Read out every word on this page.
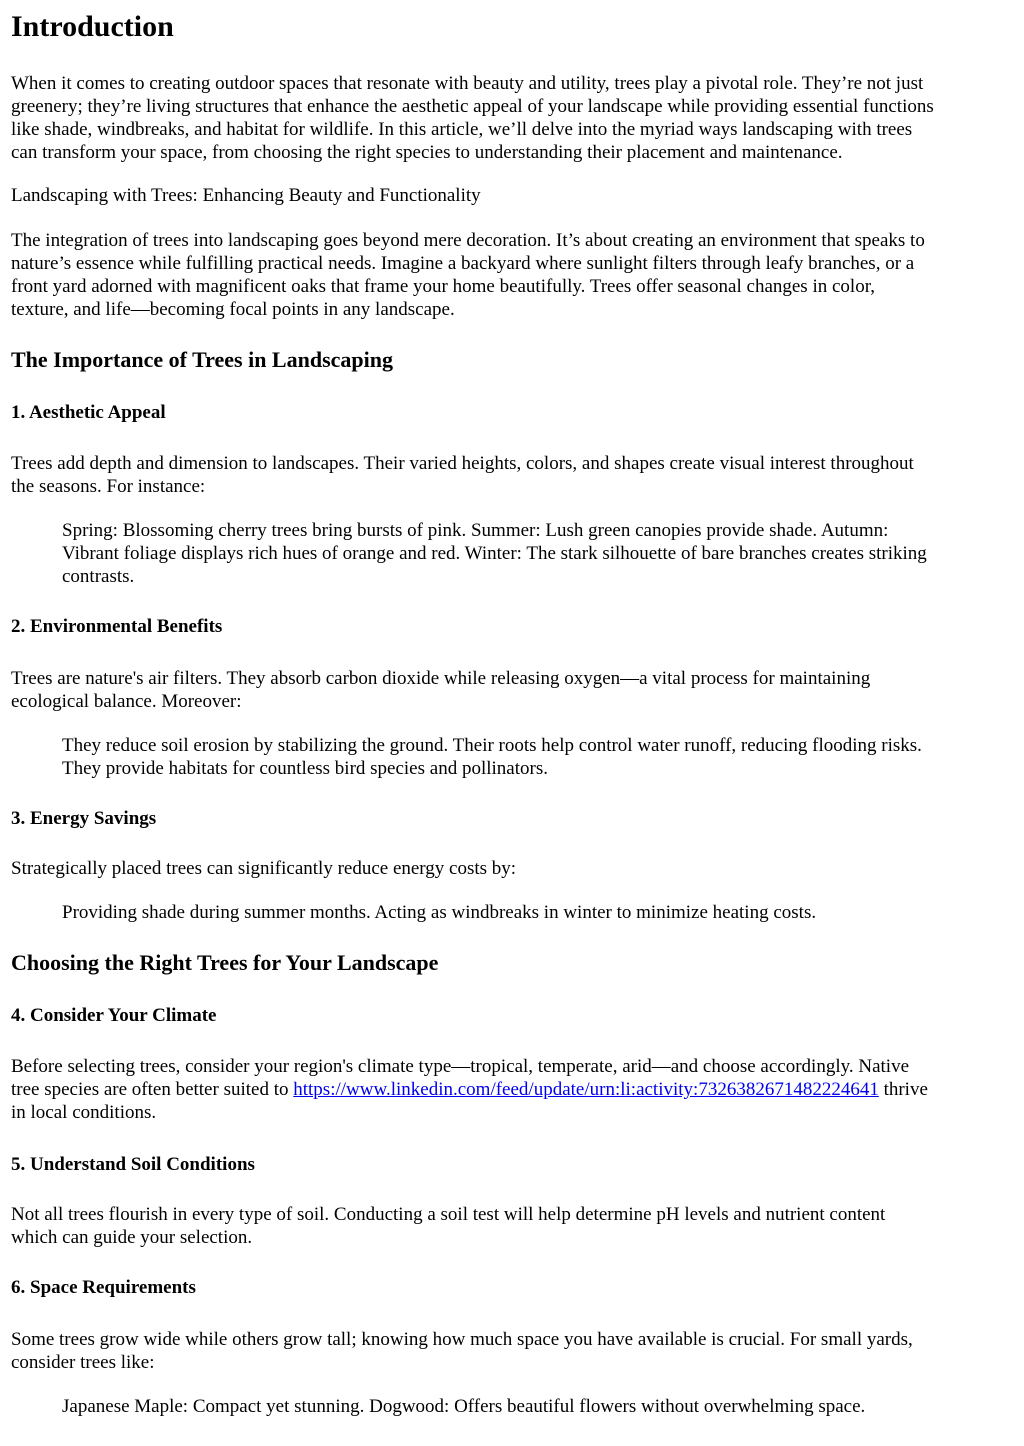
Introduction

When it comes to creating outdoor spaces that resonate with beauty and utility, trees play a pivotal role. They’re not just
greenery; they’re living structures that enhance the aesthetic appeal of your landscape while providing essential functions
like shade, windbreaks, and habitat for wildlife. In this article, we’ll delve into the myriad ways landscaping with trees
can transform your space, from choosing the right species to understanding their placement and maintenance.

Landscaping with Trees: Enhancing Beauty and Functionality

The integration of trees into landscaping goes beyond mere decoration. It’s about creating an environment that speaks to
nature’s essence while fulfilling practical needs. Imagine a backyard where sunlight filters through leafy branches, or a
front yard adorned with magnificent oaks that frame your home beautifully. Trees offer seasonal changes in color,
texture, and life—becoming focal points in any landscape.

The Importance of Trees in Landscaping
1. Aesthetic Appeal

Trees add depth and dimension to landscapes. Their varied heights, colors, and shapes create visual interest throughout
the seasons. For instance:

Spring: Blossoming cherry trees bring bursts of pink. Summer: Lush green canopies provide shade. Autumn:
Vibrant foliage displays rich hues of orange and red. Winter: The stark silhouette of bare branches creates striking
contrasts.
2. Environmental Benefits

Trees are nature's air filters. They absorb carbon dioxide while releasing oxygen—a vital process for maintaining
ecological balance. Moreover:

They reduce soil erosion by stabilizing the ground. Their roots help control water runoff, reducing flooding risks.
They provide habitats for countless bird species and pollinators.
3. Energy Savings

Strategically placed trees can significantly reduce energy costs by:

Providing shade during summer months. Acting as windbreaks in winter to minimize heating costs.
Choosing the Right Trees for Your Landscape
4. Consider Your Climate

Before selecting trees, consider your region's climate type—tropical, temperate, arid—and choose accordingly. Native
tree species are often better suited to https://www.linkedin.com/feed/update/urn:li:activity:7326382671482224641 thrive
in local conditions.

5. Understand Soil Conditions

Not all trees flourish in every type of soil. Conducting a soil test will help determine pH levels and nutrient content
which can guide your selection.

6. Space Requirements

Some trees grow wide while others grow tall; knowing how much space you have available is crucial. For small yards,
consider trees like:

Japanese Maple: Compact yet stunning. Dogwood: Offers beautiful flowers without overwhelming space.
